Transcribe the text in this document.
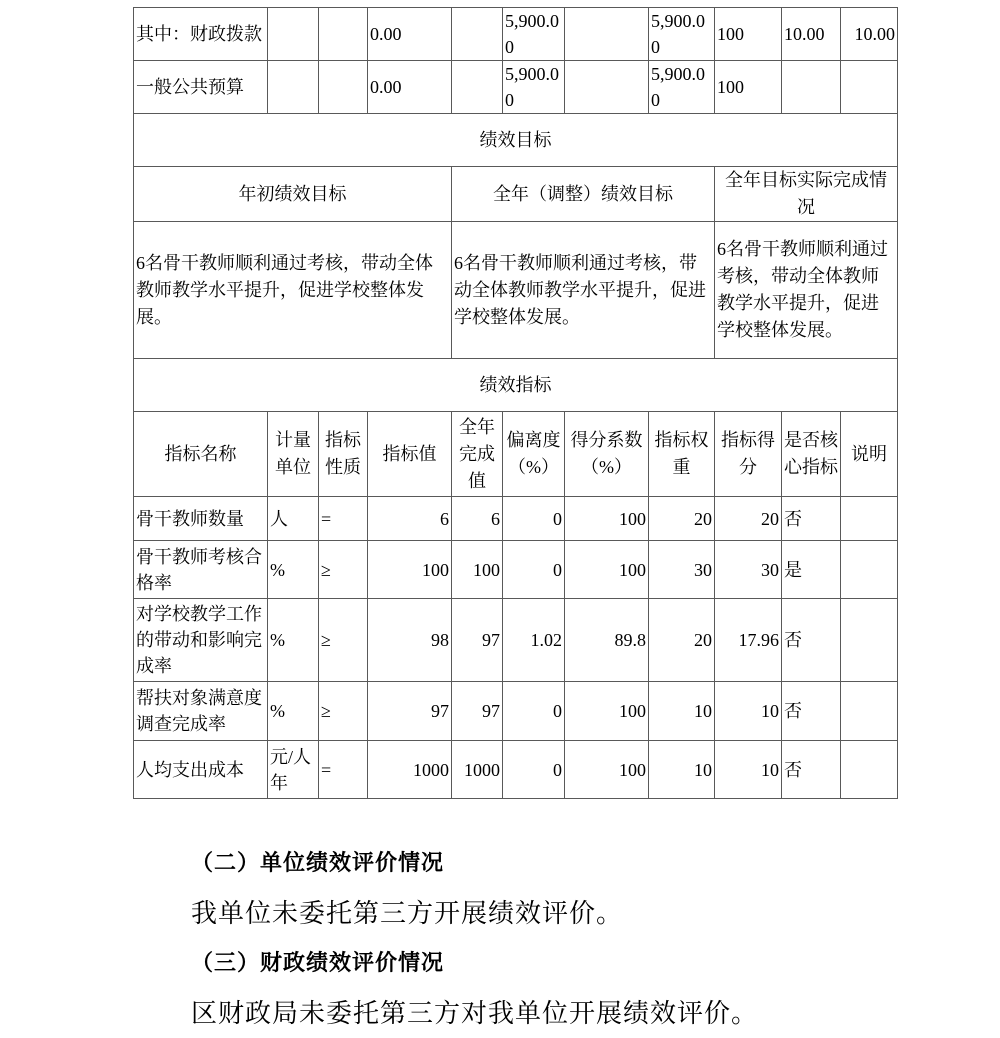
其中：财政拨款			0.00		5,900.00		5,900.00	100	10.00	10.00
一般公共预算			0.00		5,900.00		5,900.00	100		
绩效目标										
年初绩效目标				全年（调整）绩效目标				全年目标实际完成情况		
6名骨干教师顺利通过考核，带动全体教师教学水平提升，促进学校整体发展。				6名骨干教师顺利通过考核，带动全体教师教学水平提升，促进学校整体发展。				6名骨干教师顺利通过考核，带动全体教师教学水平提升，促进学校整体发展。		
绩效指标										
指标名称	计量单位	指标性质	指标值	全年完成值	偏离度（%）	得分系数（%）	指标权重	指标得分	是否核心指标	说明
骨干教师数量	人	=	6	6	0	100	20	20	否	
骨干教师考核合格率	%	≥	100	100	0	100	30	30	是	
对学校教学工作的带动和影响完成率	%	≥	98	97	1.02	89.8	20	17.96	否	
帮扶对象满意度调查完成率	%	≥	97	97	0	100	10	10	否	
人均支出成本	元/人年	=	1000	1000	0	100	10	10	否	
（二）单位绩效评价情况
我单位未委托第三方开展绩效评价。
（三）财政绩效评价情况
区财政局未委托第三方对我单位开展绩效评价。
